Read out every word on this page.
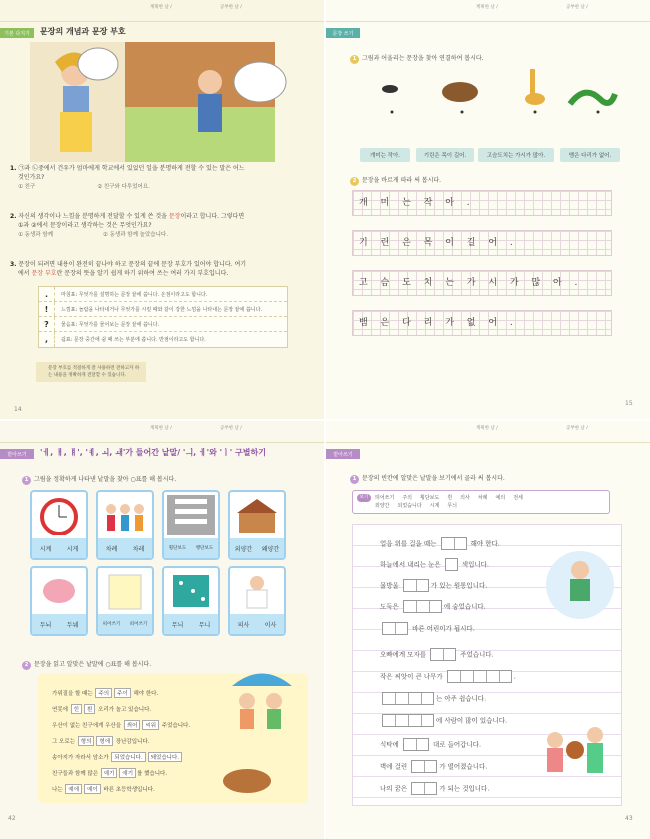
계획한 날 /	공부한 날 /
기본 다지기	문장의 개념과 문장 부호
1. ㉠과 ㉡중에서 건우가 엄마에게 학교에서 있었던 일을 분명하게 전할 수 있는 말은 어느
것인가요?
① 친구	② 친구와 다투었어요.
2. 자신의 생각이나 느낌을 분명하게 전달할 수 있게 쓴 것을 문장이라고 합니다. 그렇다면
①과 ②에서 문장이라고 생각하는 것은 무엇인가요?
① 동생과 함께	② 동생과 함께 놀았습니다.
3. 문장이 되려면 내용이 완전히 끝나야 하고 문장의 끝에 문장 부호가 있어야 합니다. 여기
에서 문장 부호란 문장의 뜻을 알기 쉽게 하기 위하여 쓰는 여러 가지 부호입니다.
.	마침표: 무엇가를 설명하는 문장 끝에 씁니다. 온점이라고도 합니다.
!	느낌표: 놀람을 나타내거나 무엇가를 시킬 때와 같이 강한 느낌을 나타내는 문장 끝에 씁니다.
?	물음표: 무엇가를 물어보는 문장 끝에 씁니다.
,	쉼표: 문장 중간에 쉴 때 쓰는 부분에 씁니다. 반점이라고도 합니다.
문장 부호를 적절하게 잘 사용하면 전하고자 하는 내용을 정확하게 전달할 수 있습니다.
14
계획한 날 /	공부한 날 /
문장 쓰기
1 그림과 어울리는 문장을 찾아 연결하여 봅시다.
개미는 작아.	기린은 목이 길어.	고슴도치는 가시가 많아.	뱀은 다리가 없어.
2 문장을 바르게 따라 써 봅시다.
개 미 는 작 아 .
기 린 은 목 이 길 어 .
고 슴 도 치 는 가 시 가 많 아 .
뱀 은 다 리 가 없 어 .
15
계획한 날 /	공부한 날 /
받아쓰기	'ㅔ, ㅐ, ㅒ', 'ㅖ, ㅚ, ㅙ'가 들어간 낱말/ 'ㅢ, ㅔ'와 'ㅣ' 구별하기
1 그림을 정확하게 나타낸 낱말을 찾아 ○표를 해 봅시다.
시계	시게	차례	차레	횡단보도 행단보도	외양간 왜양간
두뇌	두눼	띠어쓰기 띄어쓰기	무늬	무니	의사	이사
2 문장을 읽고 알맞은 낱말에 ○표를 해 봅시다.
가위질을 할 때는 주의 주이 해야 한다.
연못에 힌 흰 오리가 놀고 있습니다.
우산이 없는 친구에게 우산을 씌어 씨워 주었습니다.
그 오로는 형의 형에 장난감입니다.
송아지가 자라서 암소가 되었습니다. 돼었습니다.
친구들과 함께 많은 예기 얘기 를 했습니다.
나는 예에 예이 바른 초등학생입니다.
42
계획한 날 /	공부한 날 /
받아쓰기
1 문장의 빈칸에 알맞은 낱말을 보기에서 골라 써 봅시다.
보기	띄어쓰기 주의 횡단보도 흰 의사 차례 예의 전세
외양간 되었습니다 시계 무늬
얼음 위를 걸을 때는	해야 한다.
하늘에서 내리는 눈은	색입니다.
물방울	가 있는 원통입니다.
도둑은	에 숨었습니다.
바른 어린이가 됩시다.
오빠에게 모자를	주었습니다.
작은 씨앗이 큰 나무가	.
는 아주 쉽습니다.
에 사람이 많이 있습니다.
식탁에	대로 들어갑니다.
벽에 걸린	가 떨어졌습니다.
나의 꿈은	가 되는 것입니다.
43
